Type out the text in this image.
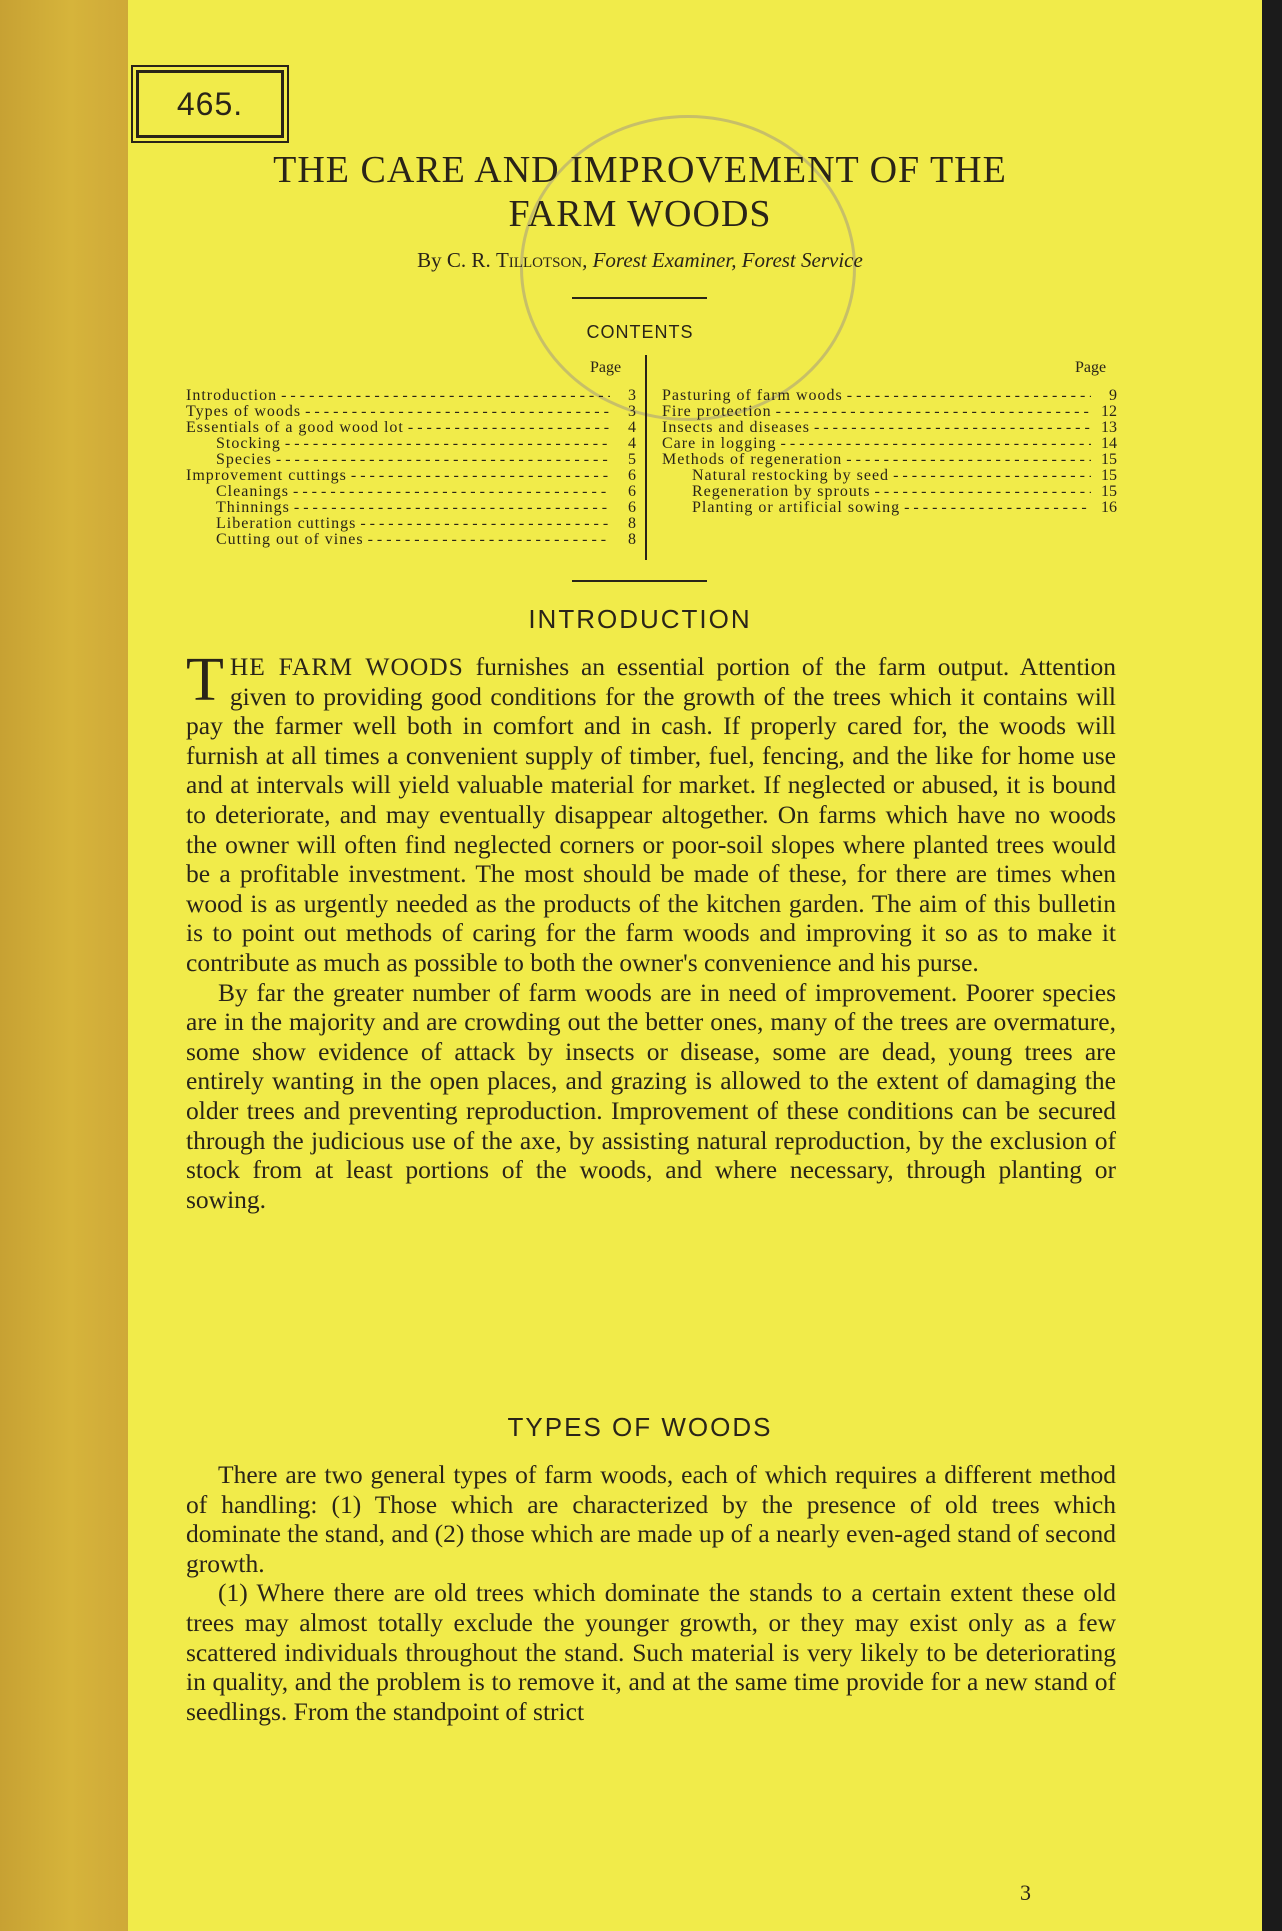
465.
THE CARE AND IMPROVEMENT OF THE
FARM WOODS
By C. R. Tillotson, Forest Examiner, Forest Service
CONTENTS
Page	Page
Introduction - - -	3
Types of woods - - -	3
Essentials of a good wood lot - - -	4
Stocking - - -	4
Species - - -	5
Improvement cuttings - - -	6
Cleanings - - -	6
Thinnings - - -	6
Liberation cuttings - - -	8
Cutting out of vines - - -	8
Pasturing of farm woods - - -	9
Fire protection - - -	12
Insects and diseases - - -	13
Care in logging - - -	14
Methods of regeneration - - -	15
Natural restocking by seed - - -	15
Regeneration by sprouts - - -	15
Planting or artificial sowing - - -	16
INTRODUCTION

THE FARM WOODS furnishes an essential portion of the farm output. Attention given to providing good conditions for the growth of the trees which it contains will pay the farmer well both in comfort and in cash. If properly cared for, the woods will furnish at all times a convenient supply of timber, fuel, fencing, and the like for home use and at intervals will yield valuable material for market. If neglected or abused, it is bound to deteriorate, and may eventually disappear altogether. On farms which have no woods the owner will often find neglected corners or poor-soil slopes where planted trees would be a profitable investment. The most should be made of these, for there are times when wood is as urgently needed as the products of the kitchen garden. The aim of this bulletin is to point out methods of caring for the farm woods and improving it so as to make it contribute as much as possible to both the owner's convenience and his purse.

By far the greater number of farm woods are in need of improvement. Poorer species are in the majority and are crowding out the better ones, many of the trees are overmature, some show evidence of attack by insects or disease, some are dead, young trees are entirely wanting in the open places, and grazing is allowed to the extent of damaging the older trees and preventing reproduction. Improvement of these conditions can be secured through the judicious use of the axe, by assisting natural reproduction, by the exclusion of stock from at least portions of the woods, and where necessary, through planting or sowing.

TYPES OF WOODS

There are two general types of farm woods, each of which requires a different method of handling: (1) Those which are characterized by the presence of old trees which dominate the stand, and (2) those which are made up of a nearly even-aged stand of second growth.

(1) Where there are old trees which dominate the stands to a certain extent these old trees may almost totally exclude the younger growth, or they may exist only as a few scattered individuals throughout the stand. Such material is very likely to be deteriorating in quality, and the problem is to remove it, and at the same time provide for a new stand of seedlings. From the standpoint of strict

3
